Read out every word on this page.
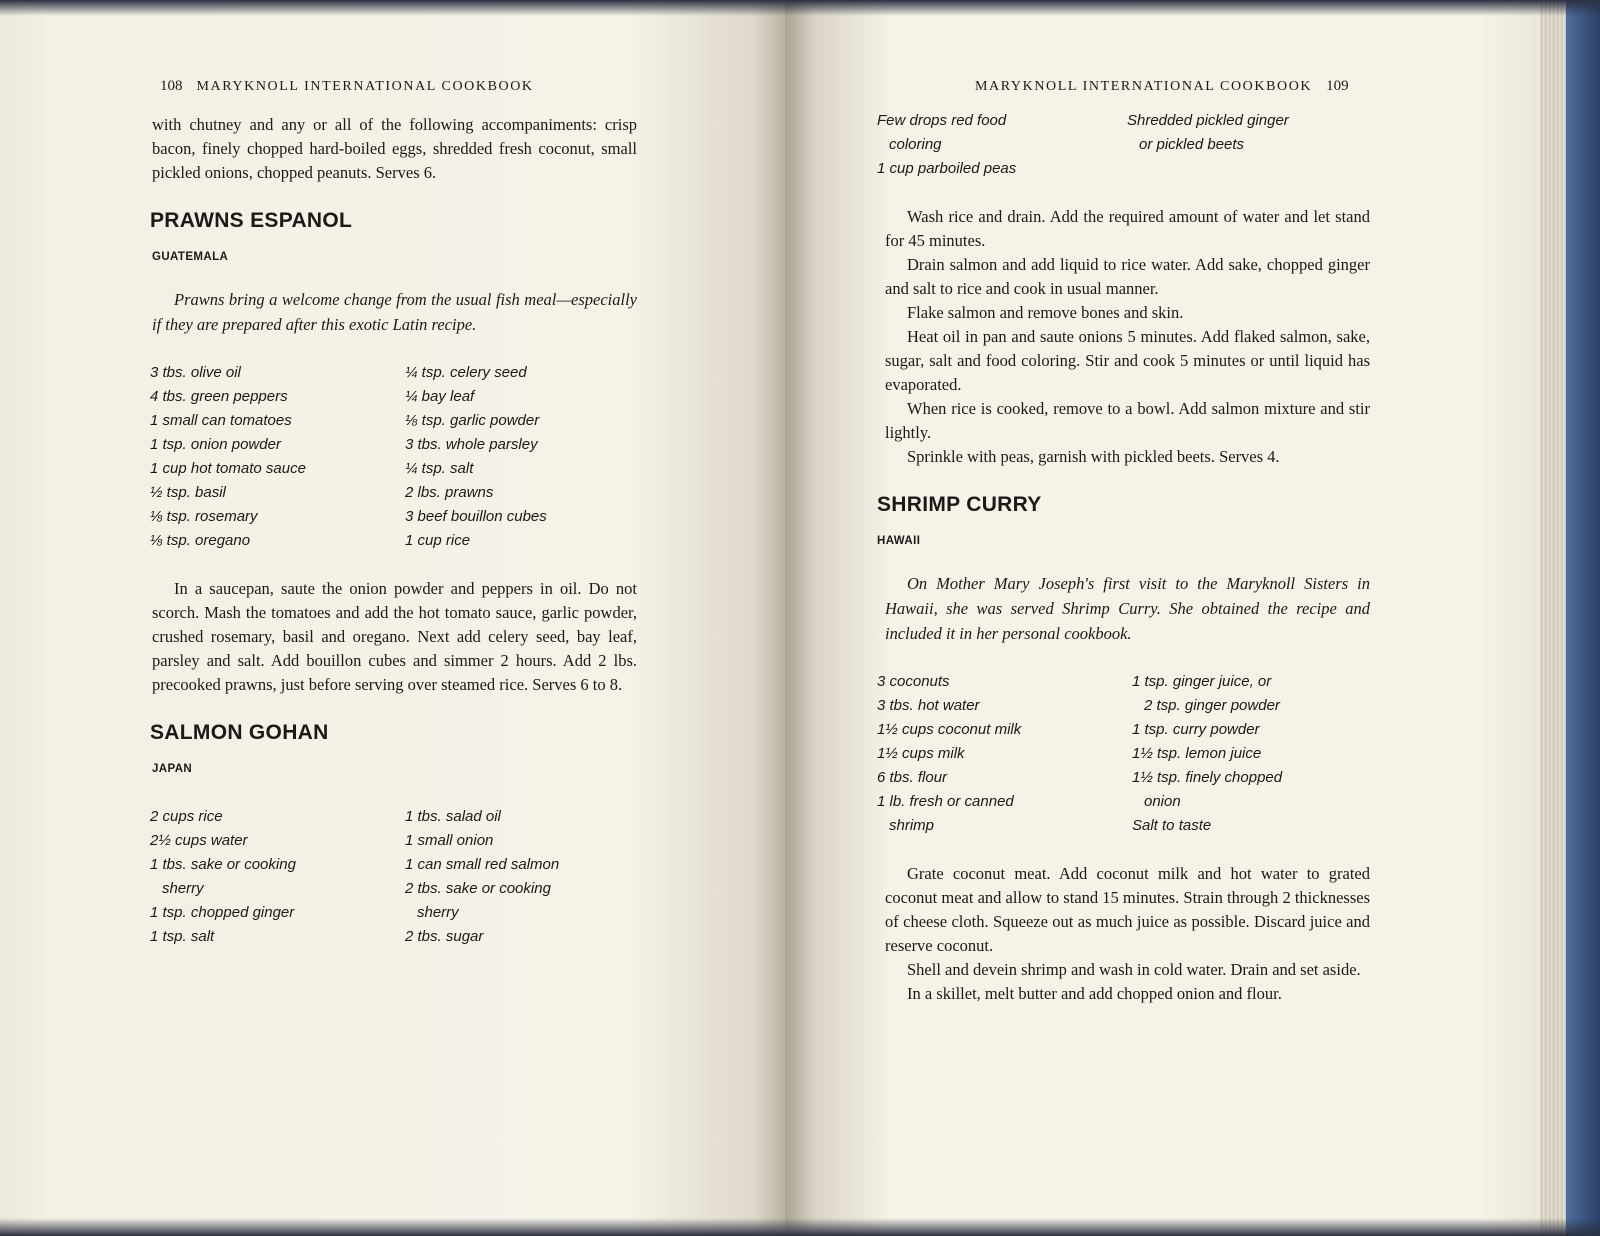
108 MARYKNOLL INTERNATIONAL COOKBOOK

with chutney and any or all of the following accompaniments: crisp bacon, finely chopped hard-boiled eggs, shredded fresh coconut, small pickled onions, chopped peanuts. Serves 6.

PRAWNS ESPANOL

GUATEMALA

Prawns bring a welcome change from the usual fish meal—especially if they are prepared after this exotic Latin recipe.

3 tbs. olive oil
4 tbs. green peppers
1 small can tomatoes
1 tsp. onion powder
1 cup hot tomato sauce
½ tsp. basil
⅛ tsp. rosemary
⅛ tsp. oregano
¼ tsp. celery seed
¼ bay leaf
⅛ tsp. garlic powder
3 tbs. whole parsley
¼ tsp. salt
2 lbs. prawns
3 beef bouillon cubes
1 cup rice

In a saucepan, saute the onion powder and peppers in oil. Do not scorch. Mash the tomatoes and add the hot tomato sauce, garlic powder, crushed rosemary, basil and oregano. Next add celery seed, bay leaf, parsley and salt. Add bouillon cubes and simmer 2 hours. Add 2 lbs. precooked prawns, just before serving over steamed rice. Serves 6 to 8.

SALMON GOHAN

JAPAN

2 cups rice
2½ cups water
1 tbs. sake or cooking
sherry
1 tsp. chopped ginger
1 tsp. salt
1 tbs. salad oil
1 small onion
1 can small red salmon
2 tbs. sake or cooking
sherry
2 tbs. sugar
MARYKNOLL INTERNATIONAL COOKBOOK 109
Few drops red food
coloring
1 cup parboiled peas
Shredded pickled ginger
or pickled beets

Wash rice and drain. Add the required amount of water and let stand for 45 minutes.

Drain salmon and add liquid to rice water. Add sake, chopped ginger and salt to rice and cook in usual manner.

Flake salmon and remove bones and skin.

Heat oil in pan and saute onions 5 minutes. Add flaked salmon, sake, sugar, salt and food coloring. Stir and cook 5 minutes or until liquid has evaporated.

When rice is cooked, remove to a bowl. Add salmon mixture and stir lightly.

Sprinkle with peas, garnish with pickled beets. Serves 4.

SHRIMP CURRY

HAWAII

On Mother Mary Joseph's first visit to the Maryknoll Sisters in Hawaii, she was served Shrimp Curry. She obtained the recipe and included it in her personal cookbook.

3 coconuts
3 tbs. hot water
1½ cups coconut milk
1½ cups milk
6 tbs. flour
1 lb. fresh or canned
shrimp
1 tsp. ginger juice, or
2 tsp. ginger powder
1 tsp. curry powder
1½ tsp. lemon juice
1½ tsp. finely chopped
onion
Salt to taste

Grate coconut meat. Add coconut milk and hot water to grated coconut meat and allow to stand 15 minutes. Strain through 2 thicknesses of cheese cloth. Squeeze out as much juice as possible. Discard juice and reserve coconut.

Shell and devein shrimp and wash in cold water. Drain and set aside.

In a skillet, melt butter and add chopped onion and flour.
